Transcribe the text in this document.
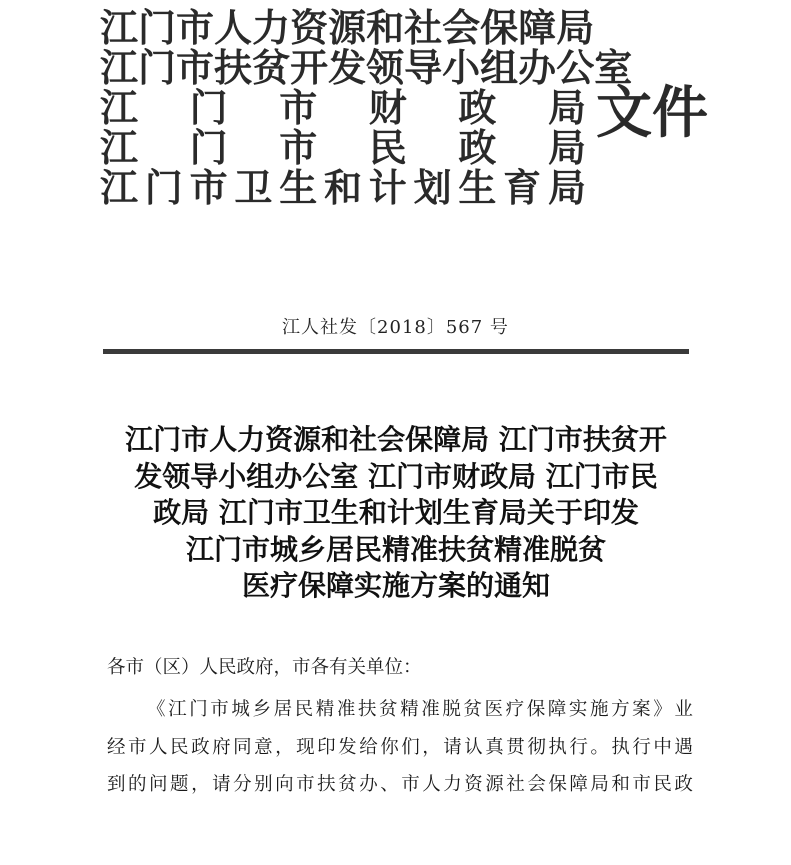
江 门 市 人 力 资 源 和 社 会 保 障 局
江 门 市 扶 贫 开 发 领 导 小 组 办 公 室
江 门 市 财 政 局
江 门 市 民 政 局
江 门 市 卫 生 和 计 划 生 育 局
文件
江人社发〔2018〕567 号
江门市人力资源和社会保障局 江门市扶贫开
发领导小组办公室 江门市财政局 江门市民
政局 江门市卫生和计划生育局关于印发
江门市城乡居民精准扶贫精准脱贫
医疗保障实施方案的通知
各市（区）人民政府，市各有关单位：
《 江 门 市 城 乡 居 民 精 准 扶 贫 精 准 脱 贫 医 疗 保 障 实 施 方 案 》 业
经 市 人 民 政 府 同 意 ， 现 印 发 给 你 们 ， 请 认 真 贯 彻 执 行 。 执 行 中 遇
到 的 问 题 ， 请 分 别 向 市 扶 贫 办 、 市 人 力 资 源 社 会 保 障 局 和 市 民 政
